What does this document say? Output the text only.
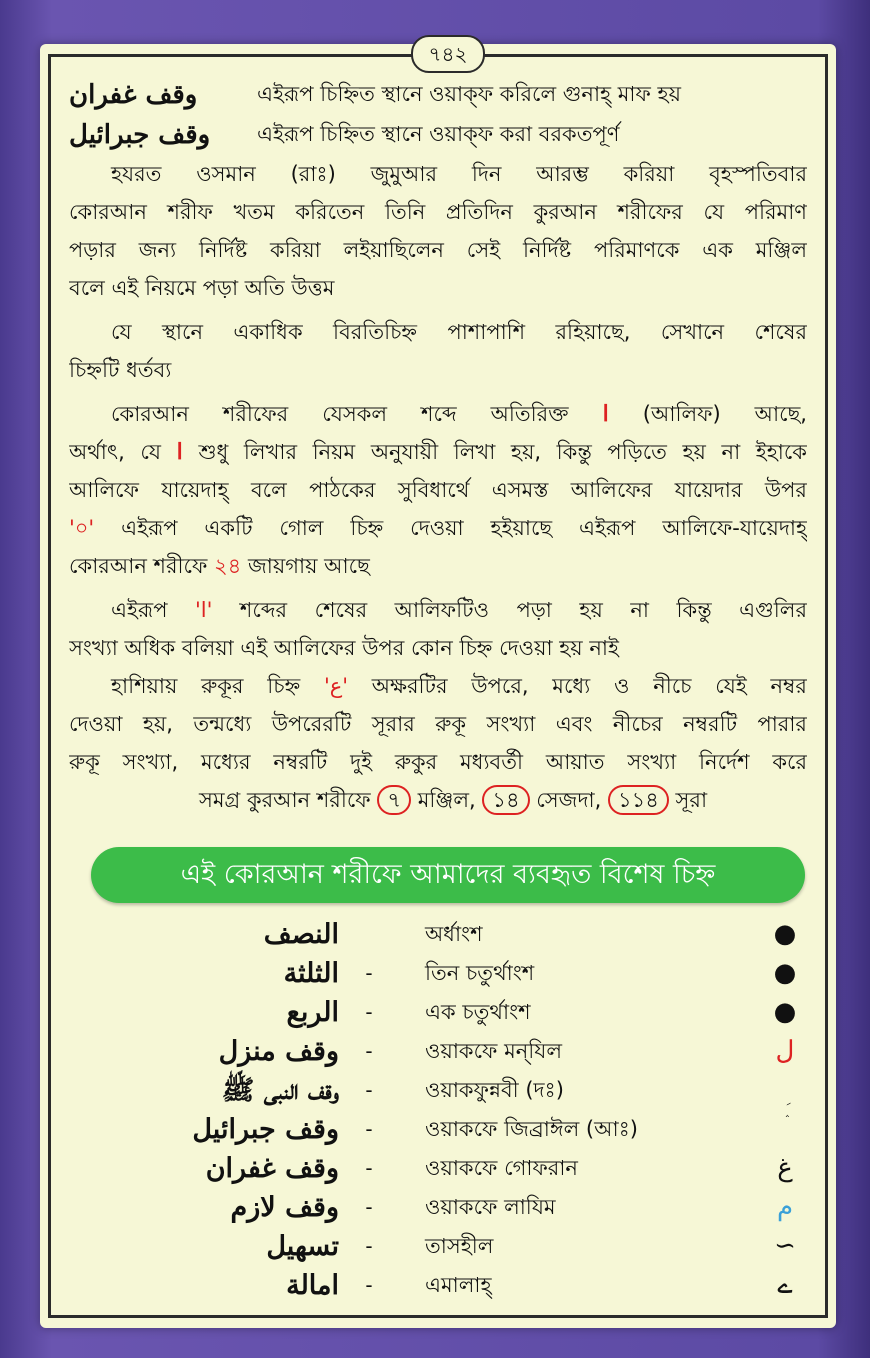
৭৪২
وقف غفران	এইরূপ চিহ্নিত স্থানে ওয়াক্ফ করিলে গুনাহ্ মাফ হয়
وقف جبرائیل	এইরূপ চিহ্নিত স্থানে ওয়াক্ফ করা বরকতপূর্ণ
হযরত ওসমান (রাঃ) জুমুআর দিন আরম্ভ করিয়া বৃহস্পতিবার
কোরআন শরীফ খতম করিতেন তিনি প্রতিদিন কুরআন শরীফের যে পরিমাণ
পড়ার জন্য নির্দিষ্ট করিয়া লইয়াছিলেন সেই নির্দিষ্ট পরিমাণকে এক মঞ্জিল
বলে এই নিয়মে পড়া অতি উত্তম
যে স্থানে একাধিক বিরতিচিহ্ন পাশাপাশি রহিয়াছে, সেখানে শেষের
চিহ্নটি ধর্তব্য
কোরআন শরীফের যেসকল শব্দে অতিরিক্ত ا (আলিফ) আছে,
অর্থাৎ, যে ا শুধু লিখার নিয়ম অনুযায়ী লিখা হয়, কিন্তু পড়িতে হয় না ইহাকে
আলিফে যায়েদাহ্ বলে পাঠকের সুবিধার্থে এসমস্ত আলিফের যায়েদার উপর
'০' এইরূপ একটি গোল চিহ্ন দেওয়া হইয়াছে এইরূপ আলিফে-যায়েদাহ্
কোরআন শরীফে ২৪ জায়গায় আছে
এইরূপ 'ا' শব্দের শেষের আলিফটিও পড়া হয় না কিন্তু এগুলির
সংখ্যা অধিক বলিয়া এই আলিফের উপর কোন চিহ্ন দেওয়া হয় নাই
হাশিয়ায় রুকূর চিহ্ন 'ع' অক্ষরটির উপরে, মধ্যে ও নীচে যেই নম্বর
দেওয়া হয়, তন্মধ্যে উপরেরটি সূরার রুকূ সংখ্যা এবং নীচের নম্বরটি পারার
রুকূ সংখ্যা, মধ্যের নম্বরটি দুই রুকুর মধ্যবর্তী আয়াত সংখ্যা নির্দেশ করে
সমগ্র কুরআন শরীফে ৭ মঞ্জিল, ১৪ সেজদা, ১১৪ সূরা
এই কোরআন শরীফে আমাদের ব্যবহৃত বিশেষ চিহ্ন
النصف	অর্ধাংশ	●
الثلثة	-	তিন চতুর্থাংশ	●
الربع	-	এক চতুর্থাংশ	●
وقف منزل	-	ওয়াকফে মন্‌যিল	ل
وقف النبی ﷺ	-	ওয়াকফুন্নবী (দঃ)
وقف جبرائیل	-	ওয়াকফে জিব্রাঈল (আঃ)
وقف غفران	-	ওয়াকফে গোফরান	غ
وقف لازم	-	ওয়াকফে লাযিম	م
تسهیل	-	তাসহীল	∽
امالة	-	এমালাহ্	ے
